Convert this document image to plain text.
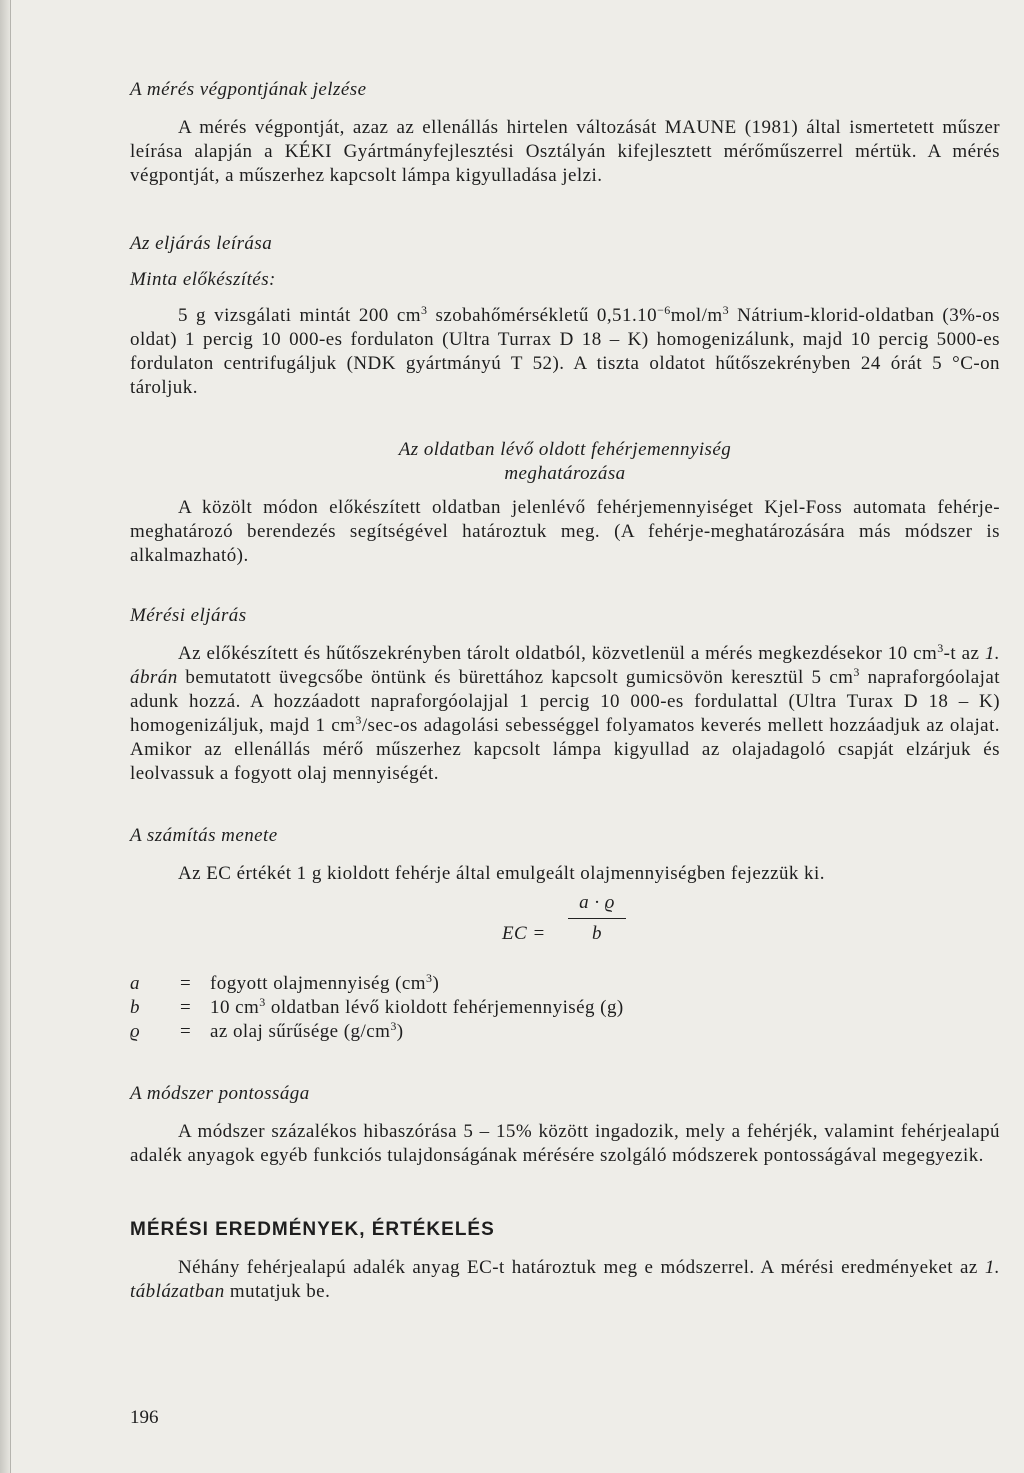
A mérés végpontjának jelzése

A mérés végpontját, azaz az ellenállás hirtelen változását MAUNE (1981) által ismertetett műszer leírása alapján a KÉKI Gyártmányfejlesztési Osztályán kifejlesztett mérőműszerrel mértük. A mérés végpontját, a műszerhez kapcsolt lámpa kigyulladása jelzi.

Az eljárás leírása

Minta előkészítés:

5 g vizsgálati mintát 200 $cm^3$ szobahőmérsékletű $0,51.10^{-6}mol/m^3$ Nátrium-klorid-oldatban (3%-os oldat) 1 percig 10 000-es fordulaton (Ultra Turrax D 18 – K) homogenizálunk, majd 10 percig 5000-es fordulaton centrifugáljuk (NDK gyártmányú T 52). A tiszta oldatot hűtőszekrényben 24 órát 5 °C-on tároljuk.

Az oldatban lévő oldott fehérjemennyiség

meghatározása

A közölt módon előkészített oldatban jelenlévő fehérjemennyiséget Kjel-Foss automata fehérje-meghatározó berendezés segítségével határoztuk meg. (A fehérje-meghatározására más módszer is alkalmazható).

Mérési eljárás

Az előkészített és hűtőszekrényben tárolt oldatból, közvetlenül a mérés megkezdésekor 10 $cm^3-t$ az 1. ábrán bemutatott üvegcsőbe öntünk és bürettához kapcsolt gumicsövön keresztül 5 $cm^3$ napraforgóolajat adunk hozzá. A hozzáadott napraforgóolajjal 1 percig 10 000-es fordulattal (Ultra Turax D 18 – K) homogenizáljuk, majd 1 $cm^3/\sec-os$ adagolási sebességgel folyamatos keverés mellett hozzáadjuk az olajat. Amikor az ellenállás mérő műszerhez kapcsolt lámpa kigyullad az olajadagoló csapját elzárjuk és leolvassuk a fogyott olaj mennyiségét.

A számítás menete

Az EC értékét 1 g kioldott fehérje által emulgeált olajmennyiségben fejezzük ki.

EC =
a · ϱ
b
a	= fogyott olajmennyiség $(cm^3)$
b	= 10 $cm^3$ oldatban lévő kioldott fehérjemennyiség (g)
ϱ	= az olaj sűrűsége $(g/cm^3)$

A módszer pontossága

A módszer százalékos hibaszórása 5 – 15% között ingadozik, mely a fehérjék, valamint fehérjealapú adalék anyagok egyéb funkciós tulajdonságának mérésére szolgáló módszerek pontosságával megegyezik.

MÉRÉSI EREDMÉNYEK, ÉRTÉKELÉS

Néhány fehérjealapú adalék anyag EC-t határoztuk meg e módszerrel. A mérési eredményeket az 1. táblázatban mutatjuk be.

196
